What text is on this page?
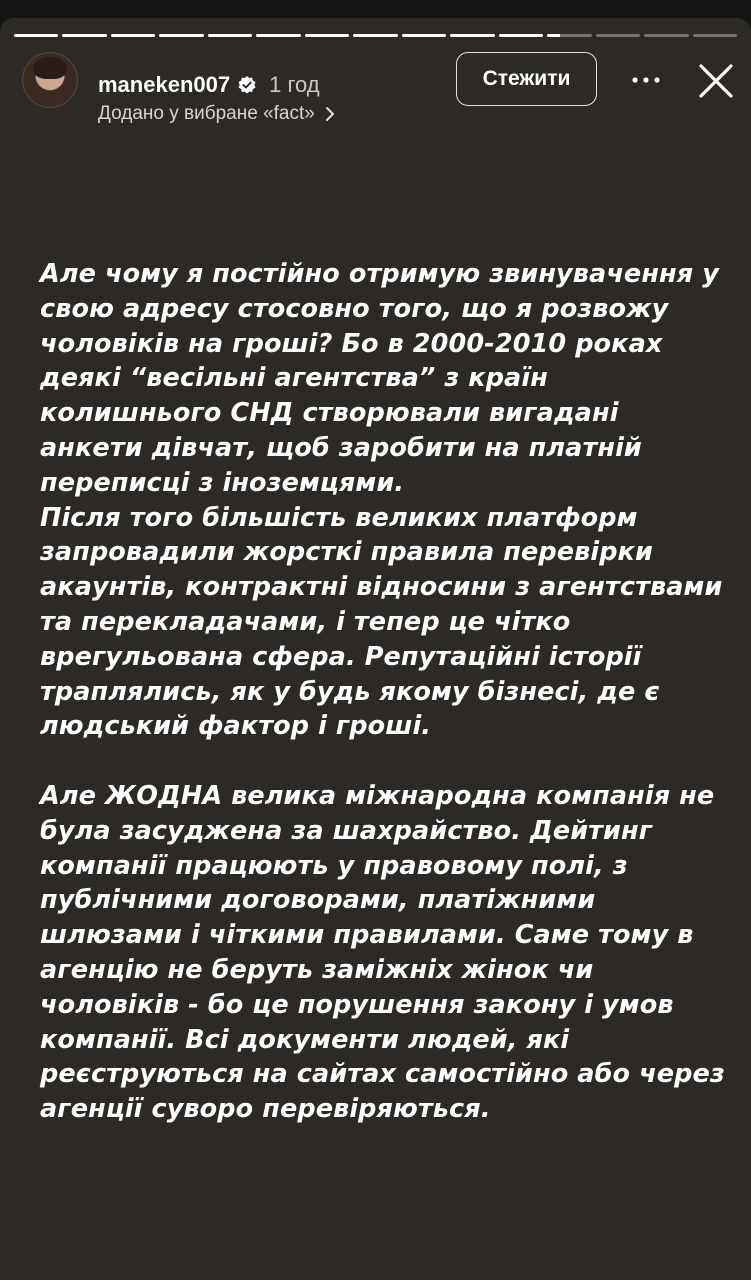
maneken007 1 год
Додано у вибране «fact»
Стежити

Але чому я постійно отримую звинувачення у свою адресу стосовно того, що я розвожу чоловіків на гроші? Бо в 2000-2010 роках деякі “весільні агентства” з країн колишнього СНД створювали вигадані анкети дівчат, щоб заробити на платній переписці з іноземцями.

Після того більшість великих платформ запровадили жорсткі правила перевірки акаунтів, контрактні відносини з агентствами та перекладачами, і тепер це чітко врегульована сфера. Репутаційні історії траплялись, як у будь якому бізнесі, де є людський фактор і гроші.

Але ЖОДНА велика міжнародна компанія не була засуджена за шахрайство. Дейтинг компанії працюють у правовому полі, з публічними договорами, платіжними шлюзами і чіткими правилами. Саме тому в агенцію не беруть заміжніх жінок чи чоловіків - бо це порушення закону і умов компанії. Всі документи людей, які реєструються на сайтах самостійно або через агенції суворо перевіряються.
